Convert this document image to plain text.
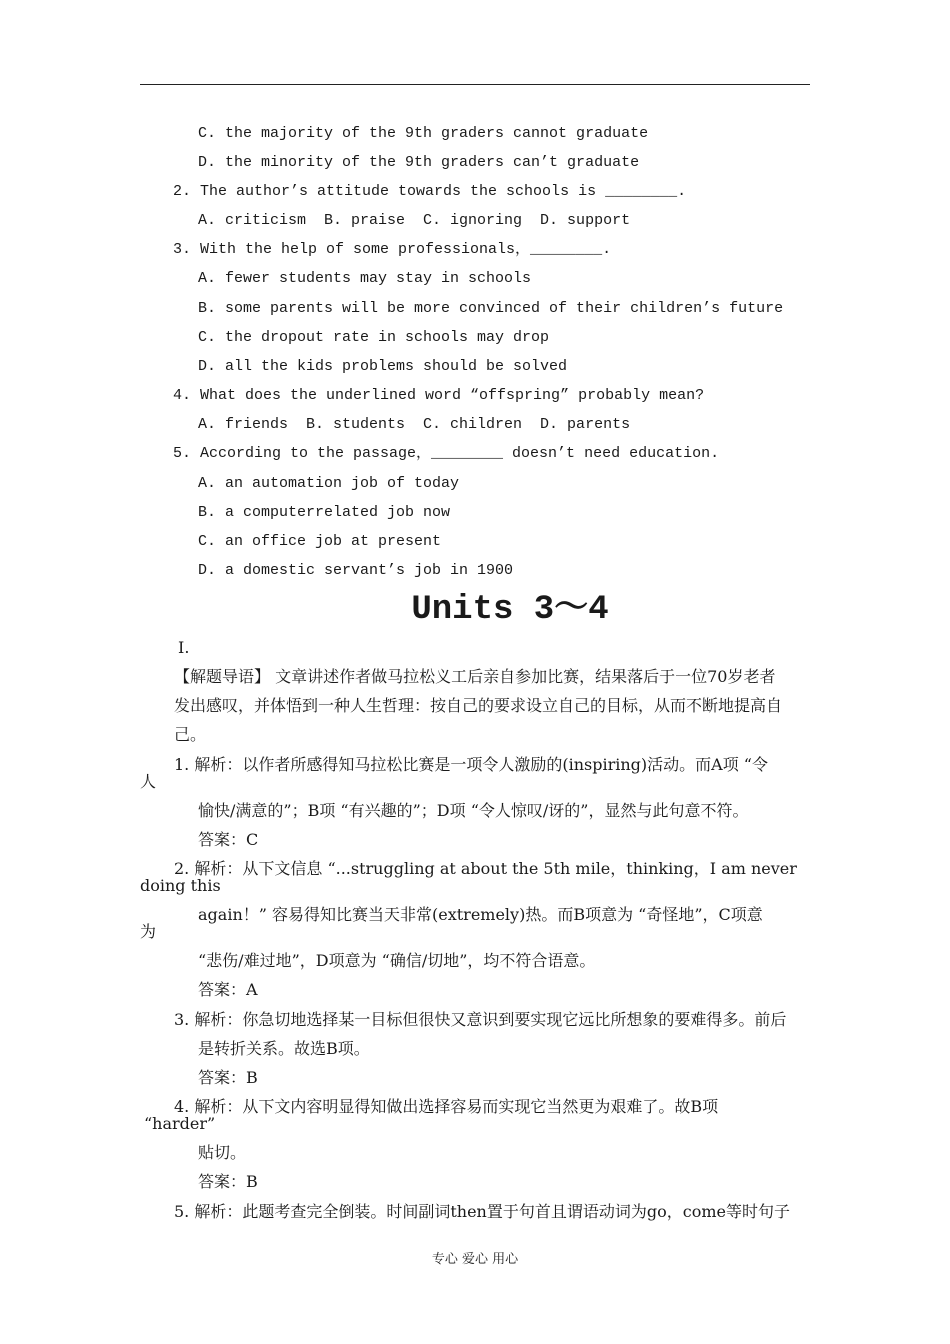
C. the majority of the 9th graders cannot graduate
D. the minority of the 9th graders can’t graduate
2. The author’s attitude towards the schools is ________.
A. criticism  B. praise  C. ignoring  D. support
3. With the help of some professionals，________.
A. fewer students may stay in schools
B. some parents will be more convinced of their children’s future
C. the dropout rate in schools may drop
D. all the kids problems should be solved
4. What does the underlined word “offspring” probably mean?
A. friends  B. students  C. children  D. parents
5. According to the passage，________ doesn’t need education.
A. an automation job of today
B. a computerrelated job now
C. an office job at present
D. a domestic servant’s job in 1900
Units 3～4
Ⅰ.
【解题导语】 文章讲述作者做马拉松义工后亲自参加比赛，结果落后于一位70岁老者
发出感叹，并体悟到一种人生哲理：按自己的要求设立自己的目标，从而不断地提高自
己。
1. 解析：以作者所感得知马拉松比赛是一项令人激励的(inspiring)活动。而A项 “令
人
愉快/满意的”；B项 “有兴趣的”；D项 “令人惊叹/讶的”，显然与此句意不符。
答案：C
2. 解析：从下文信息 “...struggling at about the 5th mile，thinking，I am never
doing this
again！” 容易得知比赛当天非常(extremely)热。而B项意为 “奇怪地”，C项意
为
“悲伤/难过地”，D项意为 “确信/切地”，均不符合语意。
答案：A
3. 解析：你急切地选择某一目标但很快又意识到要实现它远比所想象的要难得多。前后
是转折关系。故选B项。
答案：B
4. 解析：从下文内容明显得知做出选择容易而实现它当然更为艰难了。故B项
“harder”
贴切。
答案：B
5. 解析：此题考查完全倒装。时间副词then置于句首且谓语动词为go，come等时句子
专心 爱心 用心
